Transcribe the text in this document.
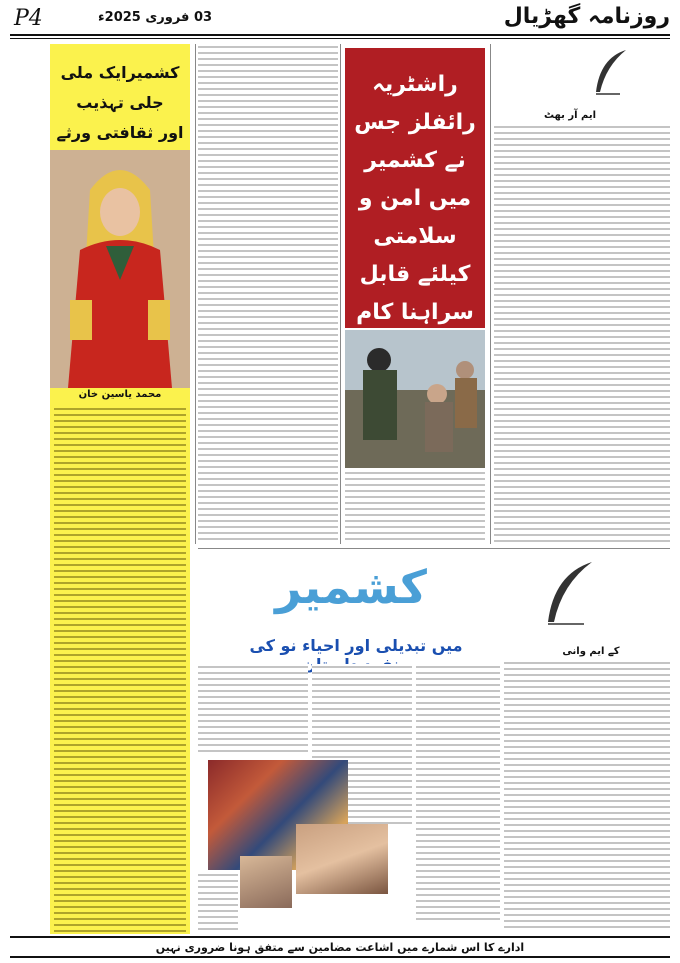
P4	03 فروری 2025ء	روزنامہ گھڑیال
کشمیرایک ملی جلی تہذیب
اور ثقافتی ورثے
محمد یاسین خان
راشٹریہ رائفلز جس نے کشمیر میں امن و سلامتی کیلئے قابل سراہنا کام
ایم آر بھٹ
کشمیر
میں تبدیلی اور احیاء نو کی	کے ایم وانی
ادارے کا اس شمارے میں اشاعت مضامین سے متفق ہونا ضروری نہیں
